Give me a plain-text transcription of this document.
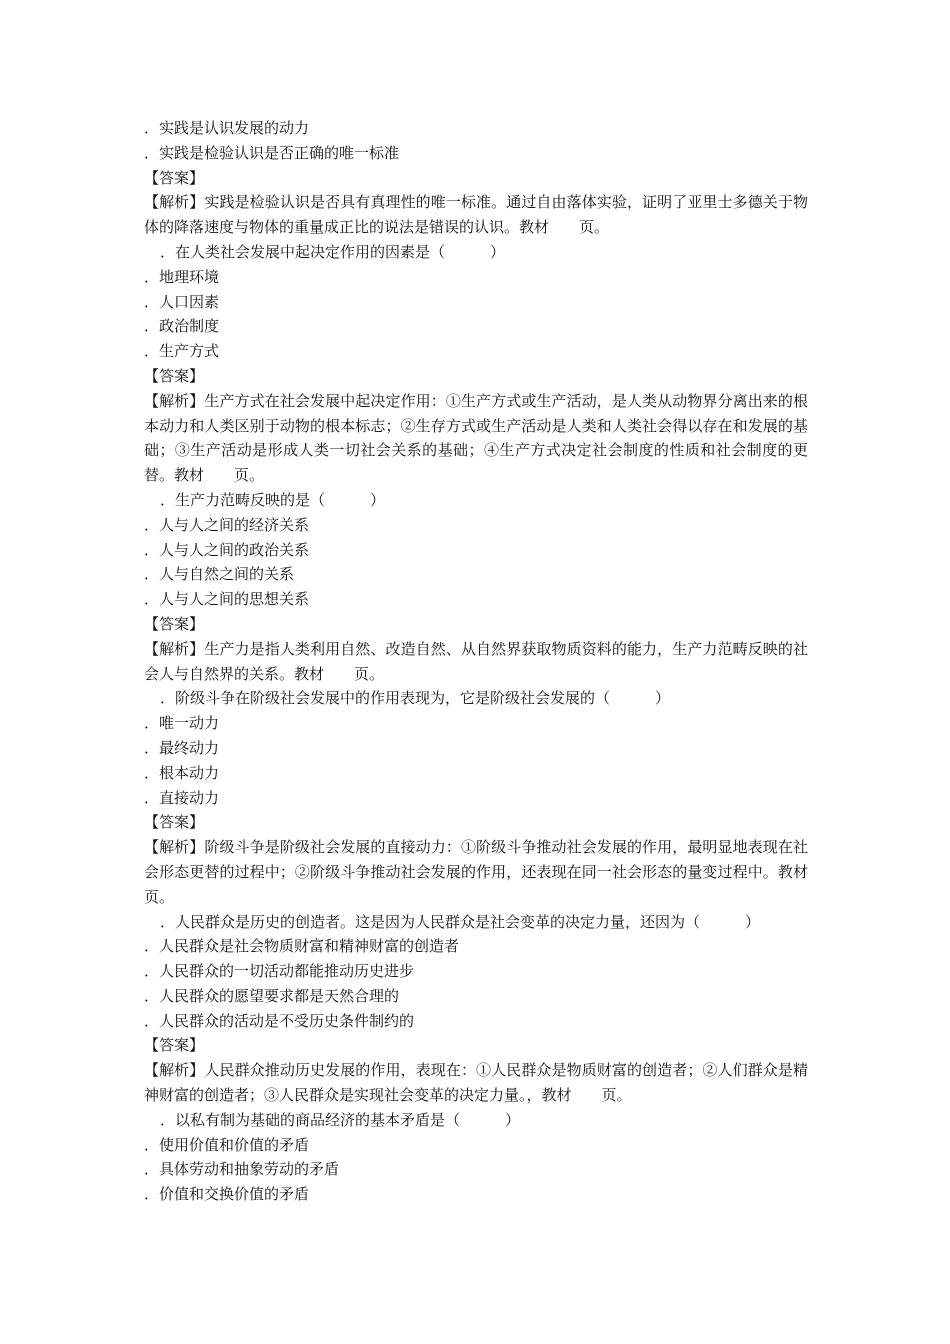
．实践是认识发展的动力

．实践是检验认识是否正确的唯一标准

【答案】

【解析】实践是检验认识是否具有真理性的唯一标准。通过自由落体实验，证明了亚里士多德关于物体的降落速度与物体的重量成正比的说法是错误的认识。教材　　页。

．在人类社会发展中起决定作用的因素是（　　　）

．地理环境

．人口因素

．政治制度

．生产方式

【答案】

【解析】生产方式在社会发展中起决定作用：①生产方式或生产活动，是人类从动物界分离出来的根本动力和人类区别于动物的根本标志；②生存方式或生产活动是人类和人类社会得以存在和发展的基础；③生产活动是形成人类一切社会关系的基础；④生产方式决定社会制度的性质和社会制度的更替。教材　　页。

．生产力范畴反映的是（　　　）

．人与人之间的经济关系

．人与人之间的政治关系

．人与自然之间的关系

．人与人之间的思想关系

【答案】

【解析】生产力是指人类利用自然、改造自然、从自然界获取物质资料的能力，生产力范畴反映的社会人与自然界的关系。教材　　页。

．阶级斗争在阶级社会发展中的作用表现为，它是阶级社会发展的（　　　）

．唯一动力

．最终动力

．根本动力

．直接动力

【答案】

【解析】阶级斗争是阶级社会发展的直接动力：①阶级斗争推动社会发展的作用，最明显地表现在社会形态更替的过程中；②阶级斗争推动社会发展的作用，还表现在同一社会形态的量变过程中。教材　　页。

．人民群众是历史的创造者。这是因为人民群众是社会变革的决定力量，还因为（　　　）

．人民群众是社会物质财富和精神财富的创造者

．人民群众的一切活动都能推动历史进步

．人民群众的愿望要求都是天然合理的

．人民群众的活动是不受历史条件制约的

【答案】

【解析】人民群众推动历史发展的作用，表现在：①人民群众是物质财富的创造者；②人们群众是精神财富的创造者；③人民群众是实现社会变革的决定力量。，教材　　页。

．以私有制为基础的商品经济的基本矛盾是（　　　）

．使用价值和价值的矛盾

．具体劳动和抽象劳动的矛盾

．价值和交换价值的矛盾
